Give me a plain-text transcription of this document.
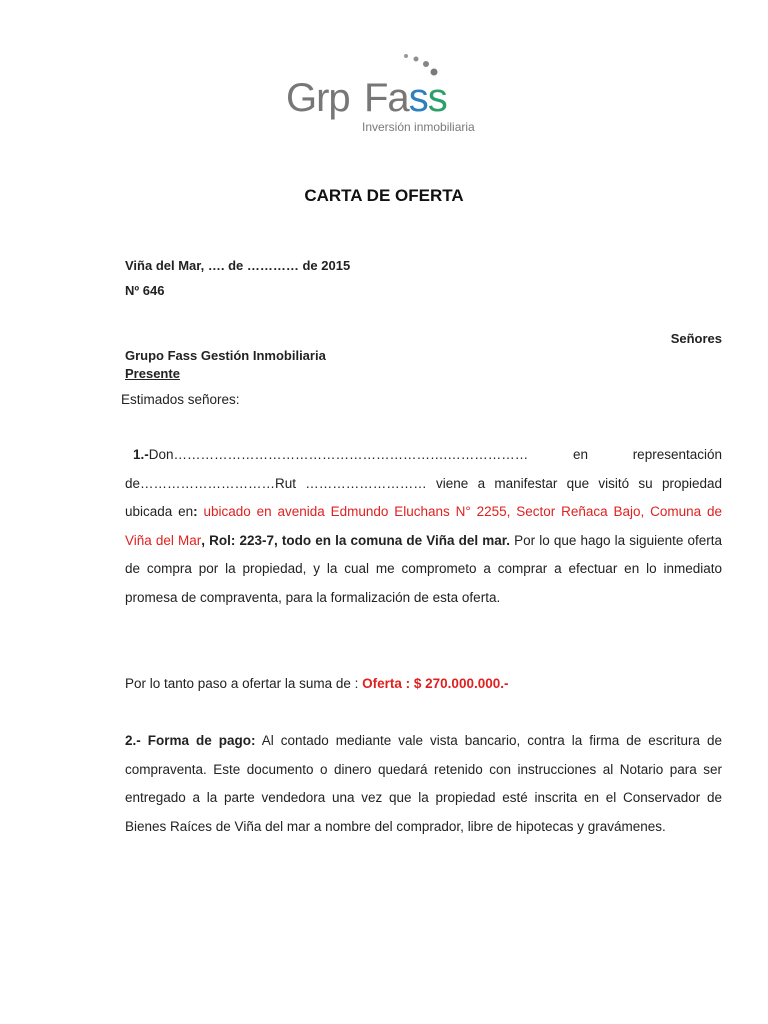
Grp Fass
Inversión inmobiliaria
CARTA DE OFERTA
Viña del Mar, …. de ………… de 2015
Nº 646
Señores
Grupo Fass Gestión Inmobiliaria
Presente
Estimados señores:
1.-Don…………………………………………………….……………… en representación de…………………………Rut ……………………… viene a manifestar que visitó su propiedad ubicada en: ubicado en avenida Edmundo Eluchans N° 2255, Sector Reñaca Bajo, Comuna de Viña del Mar, Rol: 223-7, todo en la comuna de Viña del mar. Por lo que hago la siguiente oferta de compra por la propiedad, y la cual me comprometo a comprar a efectuar en lo inmediato promesa de compraventa, para la formalización de esta oferta.
Por lo tanto paso a ofertar la suma de : Oferta : $ 270.000.000.-
2.- Forma de pago: Al contado mediante vale vista bancario, contra la firma de escritura de compraventa. Este documento o dinero quedará retenido con instrucciones al Notario para ser entregado a la parte vendedora una vez que la propiedad esté inscrita en el Conservador de Bienes Raíces de Viña del mar a nombre del comprador, libre de hipotecas y gravámenes.
